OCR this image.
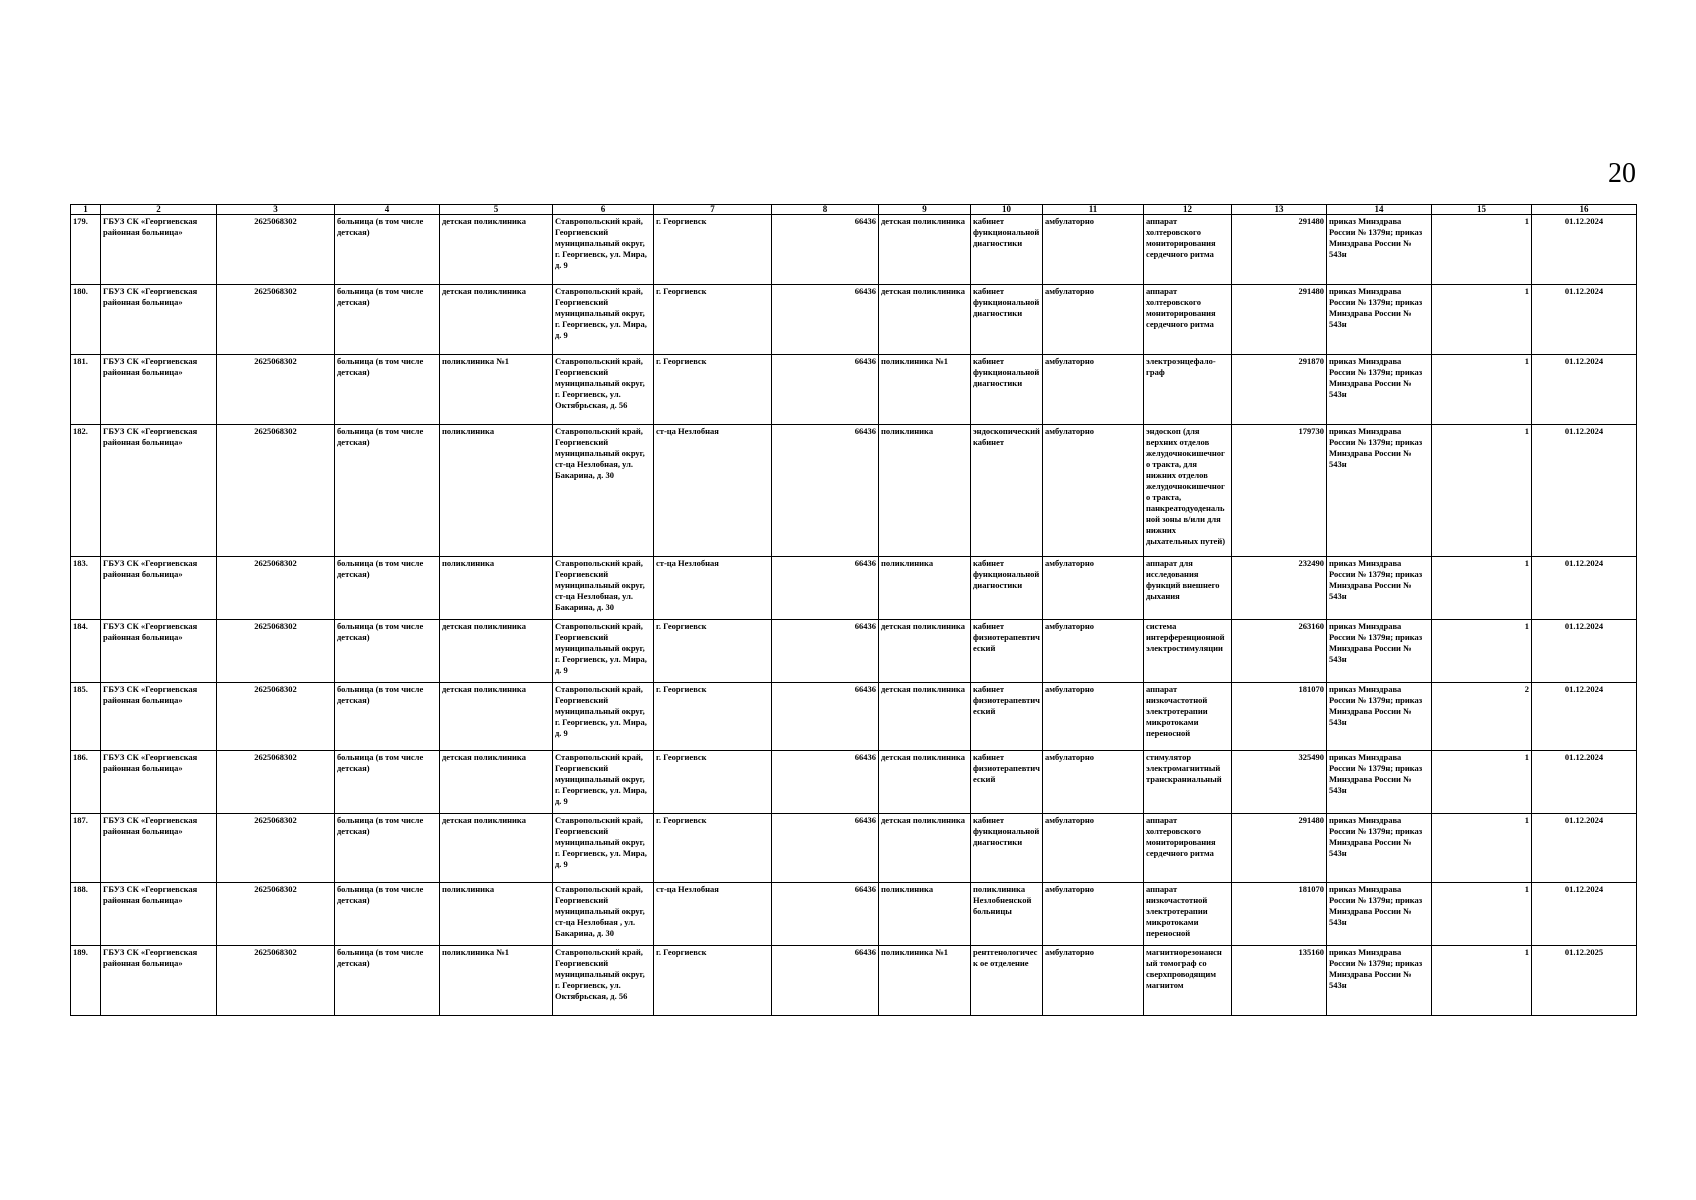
20
1	2	3	4	5	6	7	8	9	10	11	12	13	14	15	16
179.	ГБУЗ СК «Георгиевская районная больница»	2625068302	больница (в том числе детская)	детская поликлиника	Ставропольский край, Георгиевский муниципальный округ, г. Георгиевск, ул. Мира, д. 9	г. Георгиевск	66436	детская поликлиника	кабинет функциональной диагностики	амбулаторно	аппарат холтеровского мониторирования сердечного ритма	291480	приказ Минздрава России № 1379н; приказ Минздрава России № 543н	1	01.12.2024
180.	ГБУЗ СК «Георгиевская районная больница»	2625068302	больница (в том числе детская)	детская поликлиника	Ставропольский край, Георгиевский муниципальный округ, г. Георгиевск, ул. Мира, д. 9	г. Георгиевск	66436	детская поликлиника	кабинет функциональной диагностики	амбулаторно	аппарат холтеровского мониторирования сердечного ритма	291480	приказ Минздрава России № 1379н; приказ Минздрава России № 543н	1	01.12.2024
181.	ГБУЗ СК «Георгиевская районная больница»	2625068302	больница (в том числе детская)	поликлиника №1	Ставропольский край, Георгиевский муниципальный округ, г. Георгиевск, ул. Октябрьская, д. 56	г. Георгиевск	66436	поликлиника №1	кабинет функциональной диагностики	амбулаторно	электроэнцефало-граф	291870	приказ Минздрава России № 1379н; приказ Минздрава России № 543н	1	01.12.2024
182.	ГБУЗ СК «Георгиевская районная больница»	2625068302	больница (в том числе детская)	поликлиника	Ставропольский край, Георгиевский муниципальный округ, ст-ца Незлобная, ул. Бакарина, д. 30	ст-ца Незлобная	66436	поликлиника	эндоскопический кабинет	амбулаторно	эндоскоп (для верхних отделов желудочнокишечног о тракта, для нижних отделов желудочнокишечног о тракта, панкреатодуоденаль ной зоны в/или для нижних дыхательных путей)	179730	приказ Минздрава России № 1379н; приказ Минздрава России № 543н	1	01.12.2024
183.	ГБУЗ СК «Георгиевская районная больница»	2625068302	больница (в том числе детская)	поликлиника	Ставропольский край, Георгиевский муниципальный округ, ст-ца Незлобная, ул. Бакарина, д. 30	ст-ца Незлобная	66436	поликлиника	кабинет функциональной диагностики	амбулаторно	аппарат для исследования функций внешнего дыхания	232490	приказ Минздрава России № 1379н; приказ Минздрава России № 543н	1	01.12.2024
184.	ГБУЗ СК «Георгиевская районная больница»	2625068302	больница (в том числе детская)	детская поликлиника	Ставропольский край, Георгиевский муниципальный округ, г. Георгиевск, ул. Мира, д. 9	г. Георгиевск	66436	детская поликлиника	кабинет физиотерапевтич еский	амбулаторно	система интерференционной электростимуляции	263160	приказ Минздрава России № 1379н; приказ Минздрава России № 543н	1	01.12.2024
185.	ГБУЗ СК «Георгиевская районная больница»	2625068302	больница (в том числе детская)	детская поликлиника	Ставропольский край, Георгиевский муниципальный округ, г. Георгиевск, ул. Мира, д. 9	г. Георгиевск	66436	детская поликлиника	кабинет физиотерапевтич еский	амбулаторно	аппарат низкочастотной электротерапии микротоками переносной	181070	приказ Минздрава России № 1379н; приказ Минздрава России № 543н	2	01.12.2024
186.	ГБУЗ СК «Георгиевская районная больница»	2625068302	больница (в том числе детская)	детская поликлиника	Ставропольский край, Георгиевский муниципальный округ, г. Георгиевск, ул. Мира, д. 9	г. Георгиевск	66436	детская поликлиника	кабинет физиотерапевтич еский	амбулаторно	стимулятор электромагнитный транскраниальный	325490	приказ Минздрава России № 1379н; приказ Минздрава России № 543н	1	01.12.2024
187.	ГБУЗ СК «Георгиевская районная больница»	2625068302	больница (в том числе детская)	детская поликлиника	Ставропольский край, Георгиевский муниципальный округ, г. Георгиевск, ул. Мира, д. 9	г. Георгиевск	66436	детская поликлиника	кабинет функциональной диагностики	амбулаторно	аппарат холтеровского мониторирования сердечного ритма	291480	приказ Минздрава России № 1379н; приказ Минздрава России № 543н	1	01.12.2024
188.	ГБУЗ СК «Георгиевская районная больница»	2625068302	больница (в том числе детская)	поликлиника	Ставропольский край, Георгиевский муниципальный округ, ст-ца Незлобная , ул. Бакарина, д. 30	ст-ца Незлобная	66436	поликлиника	поликлиника Незлобненской больницы	амбулаторно	аппарат низкочастотной электротерапии микротоками переносной	181070	приказ Минздрава России № 1379н; приказ Минздрава России № 543н	1	01.12.2024
189.	ГБУЗ СК «Георгиевская районная больница»	2625068302	больница (в том числе детская)	поликлиника №1	Ставропольский край, Георгиевский муниципальный округ, г. Георгиевск, ул. Октябрьская, д. 56	г. Георгиевск	66436	поликлиника №1	рентгенологическ ое отделение	амбулаторно	магнитнорезонансн ый томограф со сверхпроводящим магнитом	135160	приказ Минздрава России № 1379н; приказ Минздрава России № 543н	1	01.12.2025
